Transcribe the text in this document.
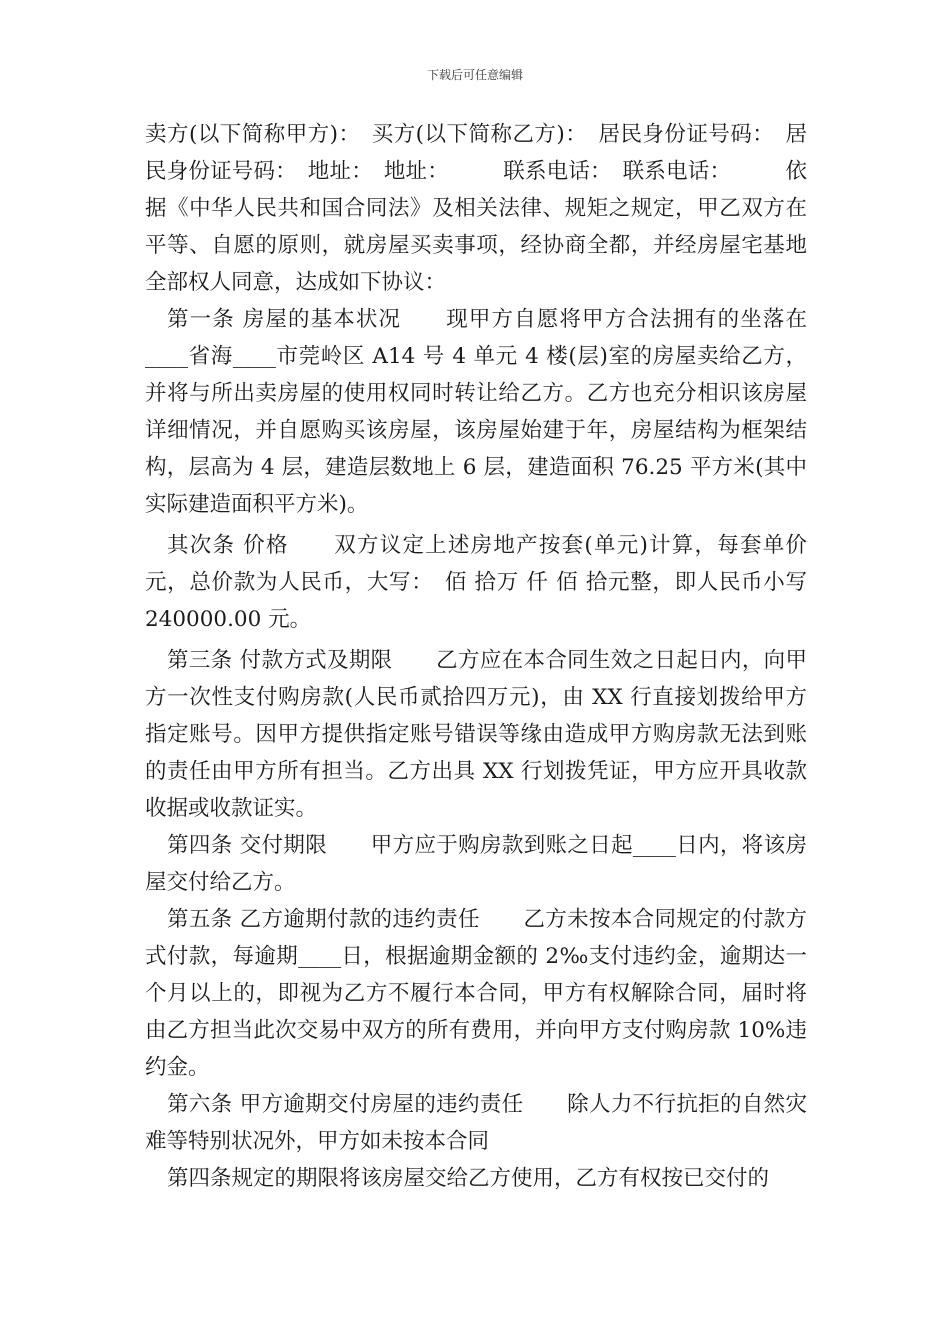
下载后可任意编辑

卖方(以下简称甲方)：　买方(以下简称乙方)：　居民身份证号码：　居民身份证号码：　地址：　地址：　　　联系电话：　联系电话：　　　依据《中华人民共和国合同法》及相关法律、规矩之规定，甲乙双方在平等、自愿的原则，就房屋买卖事项，经协商全都，并经房屋宅基地全部权人同意，达成如下协议：

第一条 房屋的基本状况　　现甲方自愿将甲方合法拥有的坐落在____省海____市莞岭区 A14 号 4 单元 4 楼(层)室的房屋卖给乙方，并将与所出卖房屋的使用权同时转让给乙方。乙方也充分相识该房屋详细情况，并自愿购买该房屋，该房屋始建于年，房屋结构为框架结构，层高为 4 层，建造层数地上 6 层，建造面积 76.25 平方米(其中实际建造面积平方米)。

其次条 价格　　双方议定上述房地产按套(单元)计算，每套单价元，总价款为人民币，大写：　佰 拾万 仟 佰 拾元整，即人民币小写 240000.00 元。

第三条 付款方式及期限　　乙方应在本合同生效之日起日内，向甲方一次性支付购房款(人民币贰拾四万元)，由 XX 行直接划拨给甲方指定账号。因甲方提供指定账号错误等缘由造成甲方购房款无法到账的责任由甲方所有担当。乙方出具 XX 行划拨凭证，甲方应开具收款收据或收款证实。

第四条 交付期限　　甲方应于购房款到账之日起____日内，将该房屋交付给乙方。

第五条 乙方逾期付款的违约责任　　乙方未按本合同规定的付款方式付款，每逾期____日，根据逾期金额的 2‰支付违约金，逾期达一个月以上的，即视为乙方不履行本合同，甲方有权解除合同，届时将由乙方担当此次交易中双方的所有费用，并向甲方支付购房款 10%违约金。

第六条 甲方逾期交付房屋的违约责任　　除人力不行抗拒的自然灾难等特别状况外，甲方如未按本合同

第四条规定的期限将该房屋交给乙方使用，乙方有权按已交付的
